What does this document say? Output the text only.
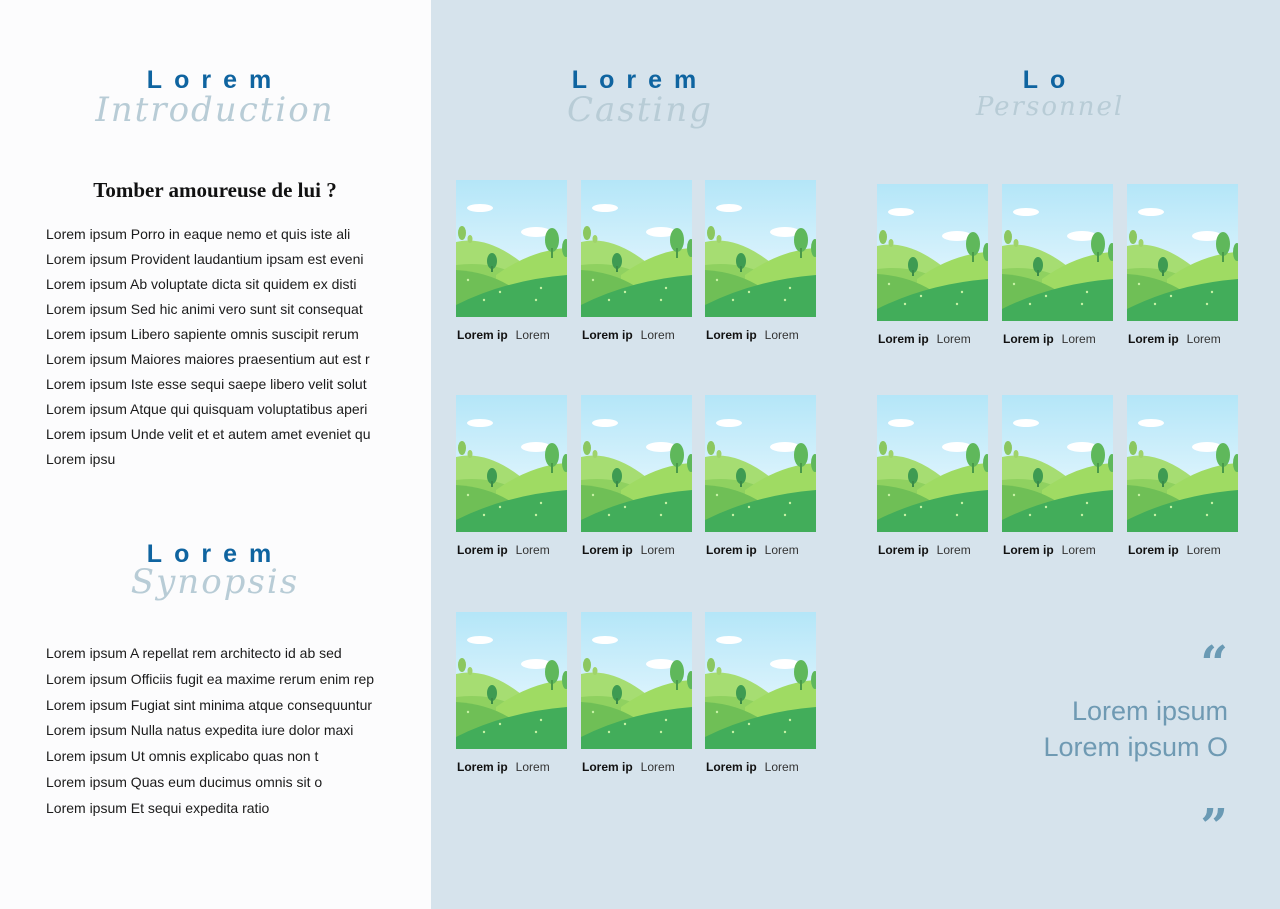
Introduction
Lorem
Tomber amoureuse de lui ?
Lorem ipsum Porro in eaque nemo et quis iste ali
Lorem ipsum Provident laudantium ipsam est eveni
Lorem ipsum Ab voluptate dicta sit quidem ex disti
Lorem ipsum Sed hic animi vero sunt sit consequat
Lorem ipsum Libero sapiente omnis suscipit rerum
Lorem ipsum Maiores maiores praesentium aut est r
Lorem ipsum Iste esse sequi saepe libero velit solut
Lorem ipsum Atque qui quisquam voluptatibus aperi
Lorem ipsum Unde velit et et autem amet eveniet qu
Lorem ipsu
Synopsis
Lorem
Lorem ipsum A repellat rem architecto id ab sed
Lorem ipsum Officiis fugit ea maxime rerum enim rep
Lorem ipsum Fugiat sint minima atque consequuntur
Lorem ipsum Nulla natus expedita iure dolor maxi
Lorem ipsum Ut omnis explicabo quas non t
Lorem ipsum Quas eum ducimus omnis sit o
Lorem ipsum Et sequi expedita ratio
Casting
Lorem
Personnel
Lo
Lorem ip Lorem	Lorem ip Lorem	Lorem ip Lorem
Lorem ip Lorem	Lorem ip Lorem	Lorem ip Lorem
Lorem ip Lorem	Lorem ip Lorem	Lorem ip Lorem
Lorem ip Lorem	Lorem ip Lorem	Lorem ip Lorem
Lorem ip Lorem	Lorem ip Lorem	Lorem ip Lorem
“
Lorem ipsum
Lorem ipsum O
”
